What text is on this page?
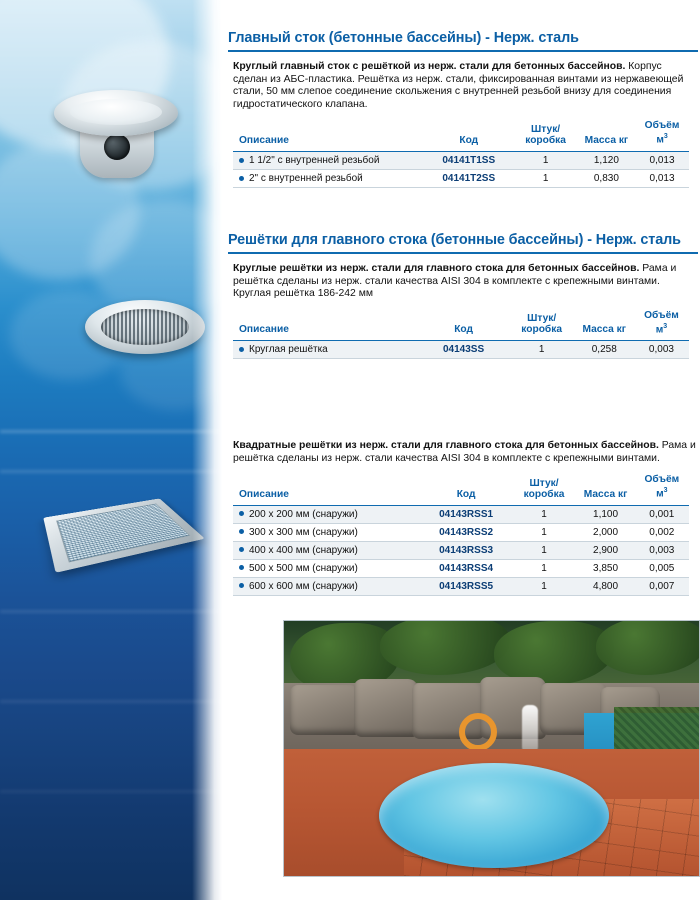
Главный сток (бетонные бассейны) - Нерж. сталь

Круглый главный сток с решёткой из нерж. стали для бетонных бассейнов. Корпус сделан из АБС-пластика. Решётка из нерж. стали, фиксированная винтами из нержавеющей стали, 50 мм слепое соединение скольжения с внутренней резьбой внизу для соединения гидростатического клапана.

Описание	Код	Штук/ коробка	Масса кг	Объём $м^3$
1 1/2" с внутренней резьбой	04141T1SS	1	1,120	0,013
2" с внутренней резьбой	04141T2SS	1	0,830	0,013
Решётки для главного стока (бетонные бассейны) - Нерж. сталь

Круглые решётки из нерж. стали для главного стока для бетонных бассейнов. Рама и решётка сделаны из нерж. стали качества AISI 304 в комплекте с крепежными винтами. Круглая решётка 186-242 мм

Описание	Код	Штук/ коробка	Масса кг	Объём $м^3$
Круглая решётка	04143SS	1	0,258	0,003

Квадратные решётки из нерж. стали для главного стока для бетонных бассейнов. Рама и решётка сделаны из нерж. стали качества AISI 304 в комплекте с крепежными винтами.

Описание	Код	Штук/ коробка	Масса кг	Объём $м^3$
200 х 200 мм (снаружи)	04143RSS1	1	1,100	0,001
300 х 300 мм (снаружи)	04143RSS2	1	2,000	0,002
400 х 400 мм (снаружи)	04143RSS3	1	2,900	0,003
500 х 500 мм (снаружи)	04143RSS4	1	3,850	0,005
600 х 600 мм (снаружи)	04143RSS5	1	4,800	0,007
